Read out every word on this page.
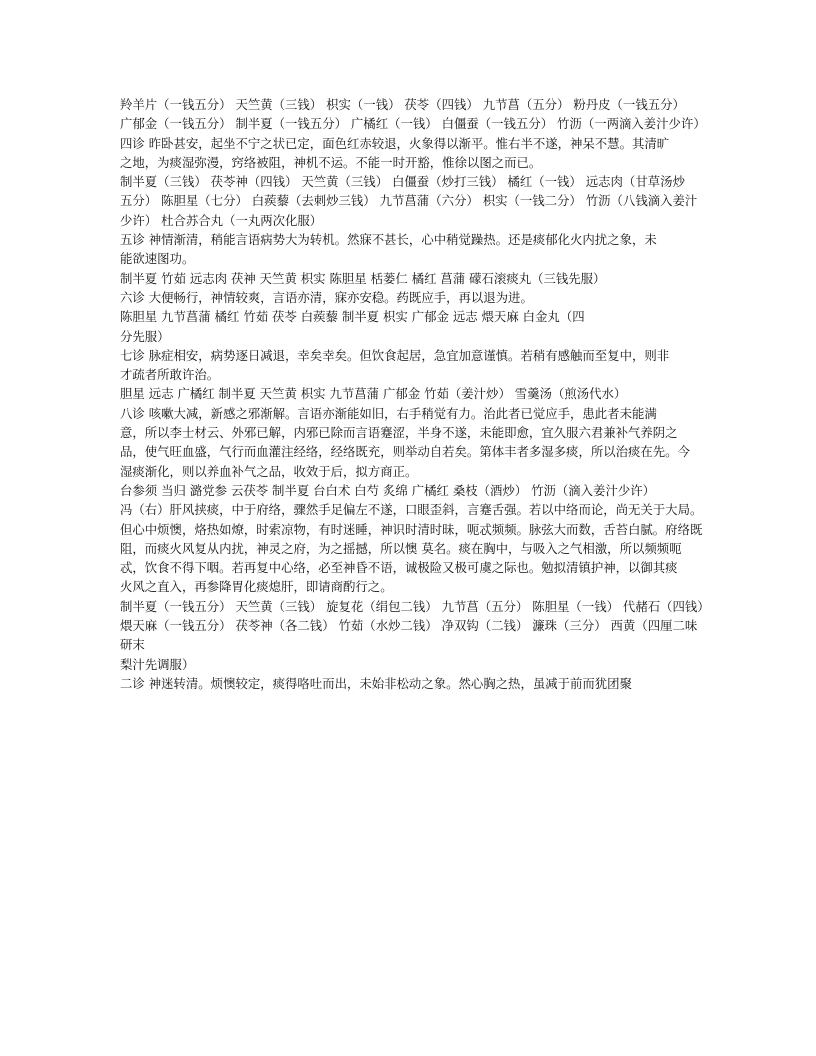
羚羊片（一钱五分） 天竺黄（三钱） 枳实（一钱） 茯苓（四钱） 九节菖（五分） 粉丹皮（一钱五分）

广郁金（一钱五分） 制半夏（一钱五分） 广橘红（一钱） 白僵蚕（一钱五分） 竹沥（一两滴入姜汁少许）

四诊 昨卧甚安，起坐不宁之状已定，面色红赤较退，火象得以渐平。惟右半不遂，神呆不慧。其清旷

之地，为痰湿弥漫，窍络被阻，神机不运。不能一时开豁，惟徐以图之而已。

制半夏（三钱） 茯苓神（四钱） 天竺黄（三钱） 白僵蚕（炒打三钱） 橘红（一钱） 远志肉（甘草汤炒

五分） 陈胆星（七分） 白蒺藜（去刺炒三钱） 九节菖蒲（六分） 枳实（一钱二分） 竹沥（八钱滴入姜汁

少许） 杜合苏合丸（一丸两次化服）

五诊 神情渐清，稍能言语病势大为转机。然寐不甚长，心中稍觉躁热。还是痰郁化火内扰之象，未

能欲速图功。

制半夏 竹茹 远志肉 茯神 天竺黄 枳实 陈胆星 栝蒌仁 橘红 菖蒲 礞石滚痰丸（三钱先服）

六诊 大便畅行，神情较爽，言语亦清，寐亦安稳。药既应手，再以退为进。

陈胆星 九节菖蒲 橘红 竹茹 茯苓 白蒺藜 制半夏 枳实 广郁金 远志 煨天麻 白金丸（四

分先服）

七诊 脉症相安，病势逐日减退，幸矣幸矣。但饮食起居，急宜加意谨慎。若稍有感触而至复中，则非

才疏者所敢许治。

胆星 远志 广橘红 制半夏 天竺黄 枳实 九节菖蒲 广郁金 竹茹（姜汁炒） 雪羹汤（煎汤代水）

八诊 咳嗽大减，新感之邪渐解。言语亦渐能如旧，右手稍觉有力。治此者已觉应手，患此者未能满

意，所以李士材云、外邪已解，内邪已除而言语蹇涩，半身不遂，未能即愈，宜久服六君兼补气养阴之

品，使气旺血盛，气行而血灌注经络，经络既充，则举动自若矣。第体丰者多湿多痰，所以治痰在先。今

湿痰渐化，则以养血补气之品，收效于后，拟方商正。

台参须 当归 潞党参 云茯苓 制半夏 台白术 白芍 炙绵 广橘红 桑枝（酒炒） 竹沥（滴入姜汁少许）

冯（右）肝风挟痰，中于府络，骤然手足偏左不遂，口眼歪斜，言蹇舌强。若以中络而论，尚无关于大局。

但心中烦懊，烙热如燎，时索凉物，有时迷睡，神识时清时昧，呃忒频频。脉弦大而数，舌苔白腻。府络既

阻，而痰火风复从内扰，神灵之府，为之摇撼，所以懊 莫名。痰在胸中，与吸入之气相激，所以频频呃

忒，饮食不得下咽。若再复中心络，必至神昏不语，诚极险又极可虞之际也。勉拟清镇护神，以御其痰

火风之直入，再参降胃化痰熄肝，即请商酌行之。

制半夏（一钱五分） 天竺黄（三钱） 旋复花（绢包二钱） 九节菖（五分） 陈胆星（一钱） 代赭石（四钱）

煨天麻（一钱五分） 茯苓神（各二钱） 竹茹（水炒二钱） 净双钩（二钱） 濂珠（三分） 西黄（四厘二味研末

梨汁先调服）

二诊 神迷转清。烦懊较定，痰得咯吐而出，未始非松动之象。然心胸之热，虽减于前而犹团聚
